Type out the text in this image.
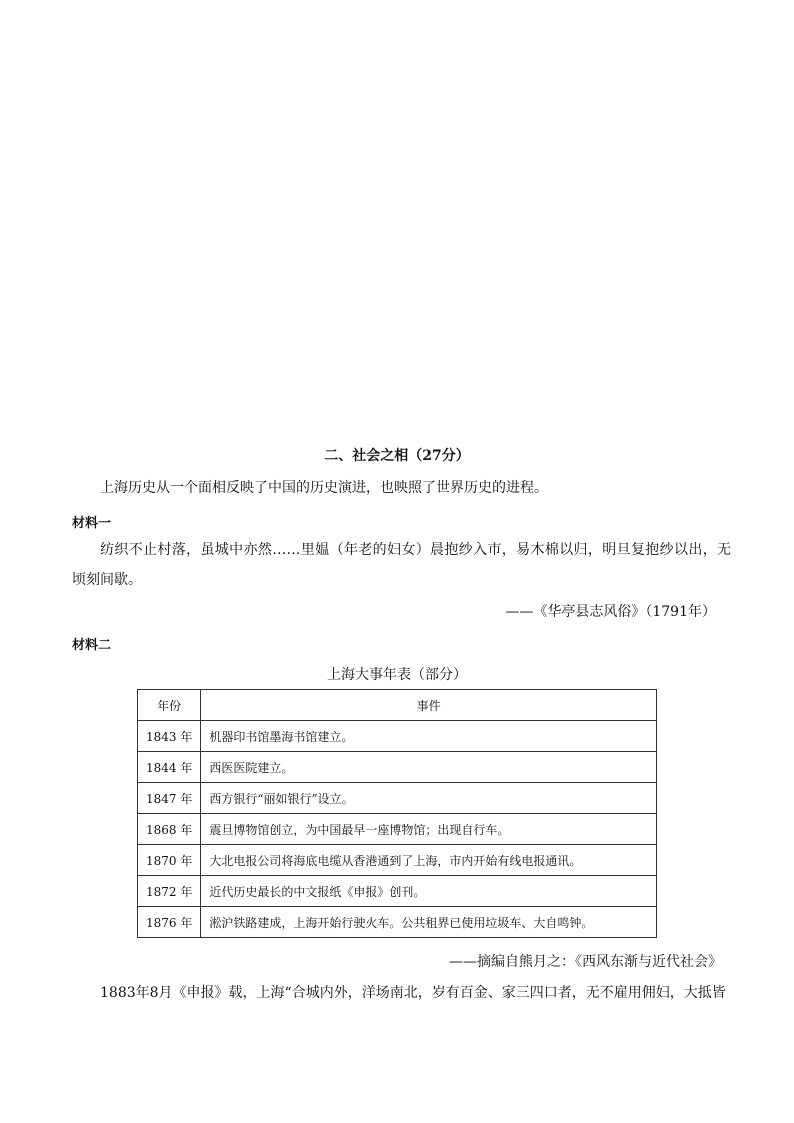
二、社会之相（27分）
上海历史从一个面相反映了中国的历史演进，也映照了世界历史的进程。
材料一
纺织不止村落，虽城中亦然……里媪（年老的妇女）晨抱纱入市，易木棉以归，明旦复抱纱以出，无
顷刻间歇。
——《华亭县志风俗》（1791年）
材料二
上海大事年表（部分）
年份	事件
1843 年	机器印书馆墨海书馆建立。
1844 年	西医医院建立。
1847 年	西方银行“丽如银行”设立。
1868 年	震旦博物馆创立，为中国最早一座博物馆；出现自行车。
1870 年	大北电报公司将海底电缆从香港通到了上海，市内开始有线电报通讯。
1872 年	近代历史最长的中文报纸《申报》创刊。
1876 年	淞沪铁路建成，上海开始行驶火车。公共租界已使用垃圾车、大自鸣钟。
——摘编自熊月之：《西风东渐与近代社会》
1883年8月《申报》载，上海“合城内外，洋场南北，岁有百金、家三四口者，无不雇用佣妇，大抵皆
